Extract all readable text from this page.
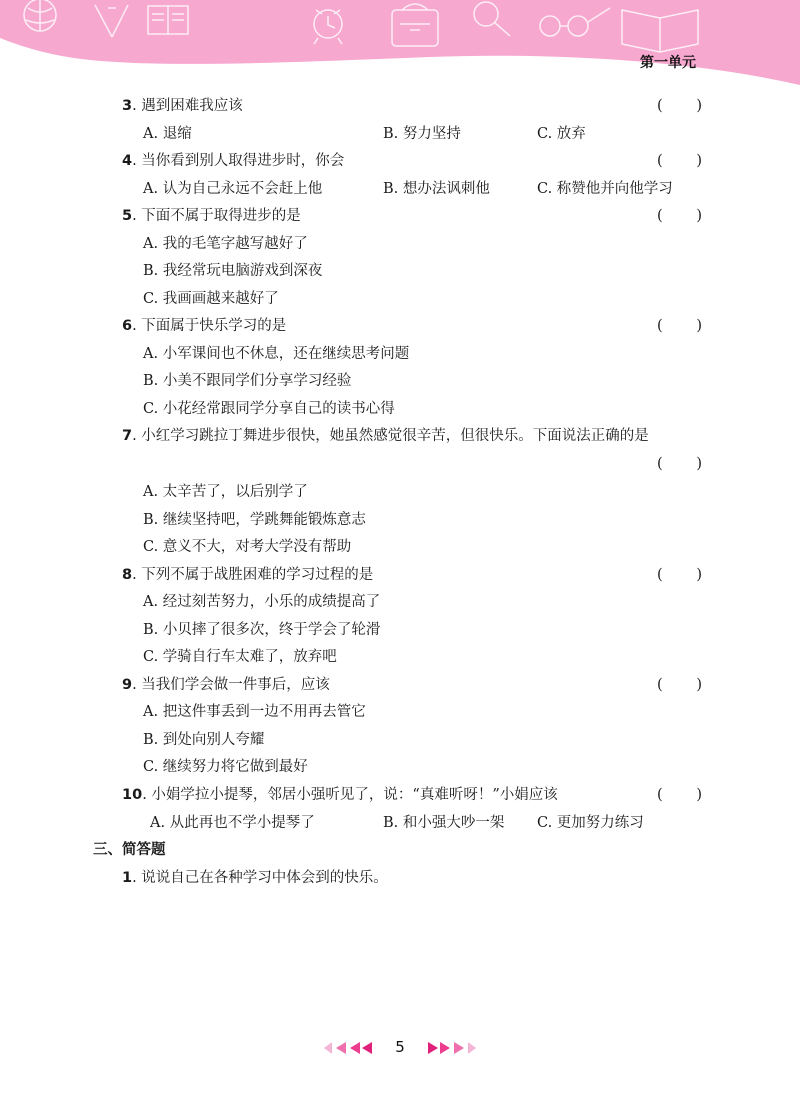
第一单元
3. 遇到困难我应该	( )
A. 退缩	B. 努力坚持	C. 放弃
4. 当你看到别人取得进步时，你会	( )
A. 认为自己永远不会赶上他	B. 想办法讽刺他	C. 称赞他并向他学习
5. 下面不属于取得进步的是	( )
A. 我的毛笔字越写越好了
B. 我经常玩电脑游戏到深夜
C. 我画画越来越好了
6. 下面属于快乐学习的是	( )
A. 小军课间也不休息，还在继续思考问题
B. 小美不跟同学们分享学习经验
C. 小花经常跟同学分享自己的读书心得
7. 小红学习跳拉丁舞进步很快，她虽然感觉很辛苦，但很快乐。下面说法正确的是
( )
A. 太辛苦了，以后别学了
B. 继续坚持吧，学跳舞能锻炼意志
C. 意义不大，对考大学没有帮助
8. 下列不属于战胜困难的学习过程的是	( )
A. 经过刻苦努力，小乐的成绩提高了
B. 小贝摔了很多次，终于学会了轮滑
C. 学骑自行车太难了，放弃吧
9. 当我们学会做一件事后，应该	( )
A. 把这件事丢到一边不用再去管它
B. 到处向别人夸耀
C. 继续努力将它做到最好
10. 小娟学拉小提琴，邻居小强听见了，说：“真难听呀！”小娟应该	( )
A. 从此再也不学小提琴了	B. 和小强大吵一架 C. 更加努力练习
三、简答题
1. 说说自己在各种学习中体会到的快乐。
5
